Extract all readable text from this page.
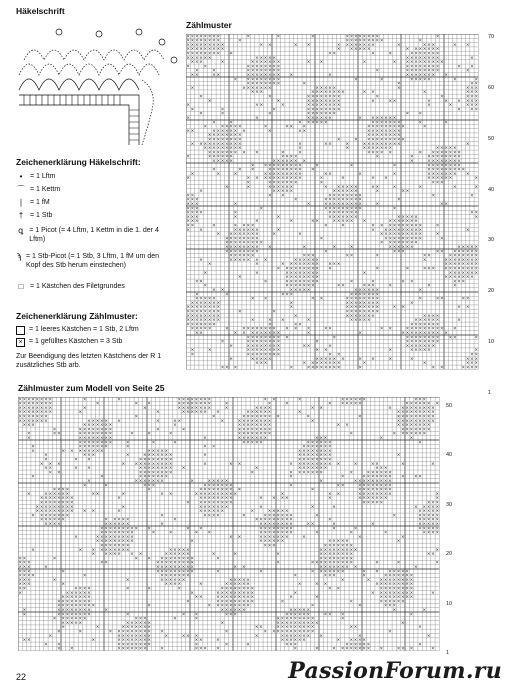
Häkelschrift
Zeichenerklärung Häkelschrift:
•	= 1 Lftm
⌒ = 1 Kettm
∣	= 1 fM
† = 1 Stb
ꝗ = 1 Picot (= 4 Lftm, 1 Kettm in die 1. der 4 Lftm)
ϡ = 1 Stb-Picot (= 1 Stb, 3 Lftm, 1 fM um den Kopf des Stb herum einstechen)
□ = 1 Kästchen des Filetgrundes
Zeichenerklärung Zählmuster:
= 1 leeres Kästchen = 1 Stb, 2 Lftm
× = 1 gefülltes Kästchen = 3 Stb
Zur Beendigung des letzten Kästchens der R 1 zusätzliches Stb arb.
Zählmuster
× × × × × × × ×	×	×	×	× × × × × × × ×	×
× × × × × × × ×	×	× × × × × × × × ×	×
× × × × × × × × ×	× ×	× ×	× × × × × × × ×	×	× × ×	× ×
× × × × × × × × ×	× × × × × ×	× × × × × × ×
× × × × × × × × ×	× ×	×	×	× × × × × × ×
× × × × × ×	× × × × ×	× × × × × × × ×	×
× × ×	×	× × × × × × ×	× ×	×	× × × × × × × × × ×
×	×	× × × × × × × ×	× × × × × × × ×	× ×
×	×	× × × × × × × ×	×	× × × × × × × ×	×
× ×	× ×	× × × × × × × × ×	×	× × × × × × × ×
× × × × × × × × ×	×	×	× × × × ×	×	×
× × × × × × × ×	×	×	× ×
×	× × × × × × ×	× × × × ×	×	× × ×
× × ×	× × × × × × × ×	× ×	×	× × ×
×	×	× × × × × × × ×	×	×	× × ×
×	×	× × × × × × × ×	×	× ×	×	× × × × ×
×	× ×	×	× × × × × × × ×	×	×	× × ×
×	×	×	× × × × × × × ×	× × ×
×	×	×	× × × × × × ×	× ×
×	×	× × × × × ×	× × × × × × ×
×	×	× × × × × ×	× × × × × × ×	×	×
×	× × × × ×	×	× × ×	× × × × × × × × ×	×
× ×	× × × × × × ×	×	× ×	× × × × × × × ×
× × × × × × × ×	× × × × × × × ×
× × × × × × × ×	×	× × × × × × × × × ×
× × × × × × × × × × ×	×	× ×	×	× × × × × × × × ×	×
× × × × × × × × ×	×	×	× × × × × × ×	× × × × ×
× × × × × × × × ×	×	×	× × × × ×	× × × × × × × ×
×	× × × × × ×	× × × ×	×	×	× × × × × × × ×
× × × × ×	× × × × × × ×	×	× × × × × × × ×
× × × × × × × × × ×	×	×	×	× × × × × × × ×
×	× ×	× × × × × × × × ×	× × × × × × × × ×
×	×	×	× × × × × × × × ×	× ×	×	×	× × × × × × × ×
×	× × × × × × × × × × ×	×	×	× ×	× × × × × ×	×
×	× × × × × × ×	×	× × ×
×	×	× × × × × ×	× × × × × ×	× ×	×	×	×	×
×	× × × × ×	× × × × × ×	×	× ×
× ×	× ×	× × × × × × × ×	×	×
× × ×	×	× × × × × × × × ×	×
× × ×	×	×	× × × × × × × × ×	×	× ×
× × ×	×	× × × × × × × × ×	×
× × × ×	×	× × × × × × ×	× ×
× × ×	×	×	× × × × × × ×	× × × × ×	×
× × ×	×	×	× ×	× × × × × ×	× × × × × × ×
× ×	×	× × × ×	×	×	× × × × × × × × × ×	×
× ×	× × × × × ×	×	× × × × × × × × × ×	×
× × × × × × × ×	×	×	× × × × × × × × × ×	×
× × × × × × × ×	×	× × × × × × × × ×	×
× × × × × × × × ×	× × × × × × × ×
× × × × × × × × ×	×	×	×	× × × × × ×	× × × × ×
× × × × × × × ×	×	× × ×	× × × × × × × ×
× × × × × ×	× × ×	× ×	×	× ×	× × × × × × ×
×	× × × × × × ×	× × × × × ×	×	× × × × × × × ×
×	×	× × × × × × × × × × ×	× × × × × × × ×
× × × × × × × × × ×	×	×	× × × × × × × × × × ×
×	×	× × × × × × × ×	×	× × × × × × ×
×	× × × × × × × ×	× × × × × × ×
× ×	×	× × × × × × × ×	×	×	× ×	× × ×
×	× × × × × × ×	× ×	× × ×	×	×	×
× ×	× × × × ×	× × × × × ×	×
×	×	× × ×	× × × × × × ×
× × × × ×	× ×	× ×	× × × × × × × ×	×	× ×	× ×
× × × × × × ×	×	× × × × × × × ×	×
× × × × × × × ×	×	× × × × × × × ×	× ×	× ×
× × × × × × × ×	×	×	× × × × × × × ×
× × × × × × × ×	×	× × × × × × ×	× × × ×
× × × × × × × ×	×	× ×	×	× × × × ×	× × × × × ×	×
× × × × × × ×	×	× ×	× × × × × × ×
× × × × ×	×	× × × × × × × × × × ×	× ×	× ×	× × × × × × × × × ×
× ×	× × × × × × × × ×	×	×	× × × × × × × × × ×
× × × × × × × × ×	×	× × × × × × × × × ×	×
×	× × × × × × × ×	×	× × × × × × × ×
×	× × × × × × × ×	× ×	×	× × × × × × ×
×	×	× × × × × × × ×	× ×	×	× × × × ×	×
×	× × × × × × × ×	× ×	× ×
×	× × × × ×	× × × × × ×	× ×	×	×	× × ×
× × ×	× × × × × × × ×	×	×	× × ×
× × ×	×	× × × × × × × ×	×	× ×	× × × ×
70
60
50
40
30
20
10
1
Zählmuster zum Modell von Seite 25
× × × × × × × ×	×	×	× × × × × × × ×	× ×	×	× × × × × ×	× × ×
× × × × × × × ×	×	× ×	× × × × × × × ×	×	×	×	× × × × × ×	× × × × × × ×
× × × × × × × ×	×	×	× × × × × × × ×	×	× × × ×	× ×	× × × × × × × × ×
× × × × × × × ×	×	×	× × × × × × ×	× × × × × ×	×	× × × × × × × × ×
× × × × × × ×	×	×	× × × × × × × ×	×	×	× × × × × × × × ×
× × × × × × ×	× × × × × ×	×	× ×	×	× × × × × × × ×	×	× × × × × × × × ×
× × ×	× × × × × × ×	×	× × × × × × × ×	× ×	× × × × × × × ×
×	× × × × × × × ×	×	×	× × × × × × × ×	× × × × × × ×
×	× ×	× × × × × × × ×	×	×	×	× × × × × × × ×	×	× × × × × × ×
×	× × × × × × × ×	×	× × × × × × ×	× × ×	×	×
× × × × × × × ×	×	×	×	× × × × ×	× × × × × ×	×
×	× × × × × × ×	×	× ×	× × × × × × ×
×	× × × × × × × ×	× × × × ×	× × × × × × × ×
×	× × ×	×	× × × × × × ×	×	× × × × × × × ×	×
×	× ×	× × × × × × × ×	× × × × × × × ×
× × ×	× × × × × × × × × ×	×	× ×	× × × × × × × × × ×	×	× ×	×	×
× ×	× ×	× × × × × × × × ×	×	× × × × × × ×	× × ×
× ×	× × × × × × × ×	×	× × × × × × ×	×	× × × × × ×
×	×	× × × × × × ×	×	×	× × × × × × × × × ×
×	× × × × × × ×	×	× × × × ×	×	× × × × × × × × ×
×	×	× × ×	× × × × × × ×	×	× ×	× × × × × × × ×
× × × ×	×	× × × × × × × × ×	×	× × × × × × × ×
×	× × × × × ×	× ×	×	× ×	× × × × × × × × × ×	×	× ×	× × × × × × × ×	×
× × × × × × × ×	×	× × × × × × × ×	× × × ×	×	× × × × × × ×	×
× × × × × × × ×	× × × × × × × × ×	× × × × ×	× × ×
× × × × × × × × ×	×	× × × × × × ×	×	×	×	× × × × ×
× × × × × × × × × × ×	×	× × × × × ×	×	× × × × ×	× × × × ×
× × × × × × × ×	×	× × × ×	×	× × × × × × ×	×	×	× × × × ×
× × × × × ×	× × × × ×	×	× × × × × × × × ×	×	× × × × ×
× × × ×	× × × × × ×	×	× × × × × × × ×	× ×	×	×	× × × × ×
× × × × × × × × × ×	× ×	× × × × × × × ×	×	×	× × × × ×
× × × × × × × ×	×	×	× ×	× × × × × × × ×	×	×	×	× × × ×
×	× × × × × × × × ×	× ×	× × × × × × ×	×	×	×
× × × × × × × × ×	×	× × × × × ×	× × × × ×	×
× × × × × × ×	× × ×	× × × × × × ×
×	× × × × × × × × ×	× × × × ×	× × × × × × × × ×	×
× × × × × × ×	× × × × × ×	×	×	×	× × × × × × × ×	× ×
× ×	×	× × × × × × × × × ×	×	× × × × × × × ×
× × ×	× ×	× × × × × × × × ×	×	× × × × × × × × × ×	×	×	×
× × ×	×	× × × × × × × × ×	× ×	× × × × × × × ×	×
× × ×	×	× × × × × × × × ×	×	×	× × × × × × ×	× × × × × × ×
× × × ×	×	× × × × × × ×	×	× × ×	×	× × × × × × ×
× × ×	×	×	× × × × × ×	× × × × ×	×	× × × × × × × × ×
× × ×	×	× × × ×	×	× × × × × ×	×	× ×	× × × × × × × × ×
× ×	× × × ×	×	×	×	× × × × × × × ×	× ×	× × × × × × × ×
×	× × × × × ×	×	× × × × × × × × ×	×	× × × × × × × × ×	×
× × × × × × ×	× ×	× × × × × × × × ×	×	×	× × × × × × × ×
× × × × × × × ×	×	× × × × × × × × ×	×	×	× × × × × ×
× × × × × × × × ×	×	× × × × × × × × ×	×	×	× × ×
×	× × × × × × × ×	×	× × × × × ×	× × × × ×	×	×
×	× × × × × × × ×	×	× ×	× × ×	× × × × × ×	× × ×	×
× × × × × × ×	× × ×	×	×	× × × × × × × × ×	×
× × × × ×	× × × × × ×	×	× × × × × × × × × ×	×
×	×	× × × × × × ×	× ×	× × × × × × × × ×	× ×	×
×	×	× × × × × × × × × ×	×	× × × × × × × × × × ×	×
×	× × × × × × × ×	×	× × ×	×	× × × × × × × ×	×	×
× ×	×	× × × × × × × ×	× ×	×	× × × × × ×	× × × × ×
× ×	× × × × × × × ×	×	×	×	× × ×	× × × × × ×	×
× ×	× × × × × × ×	×	× × × ×	×	×	× × × × × × × × ×	× × ×	×
50
40
30
20
10
1
22	PassionForum.ru
